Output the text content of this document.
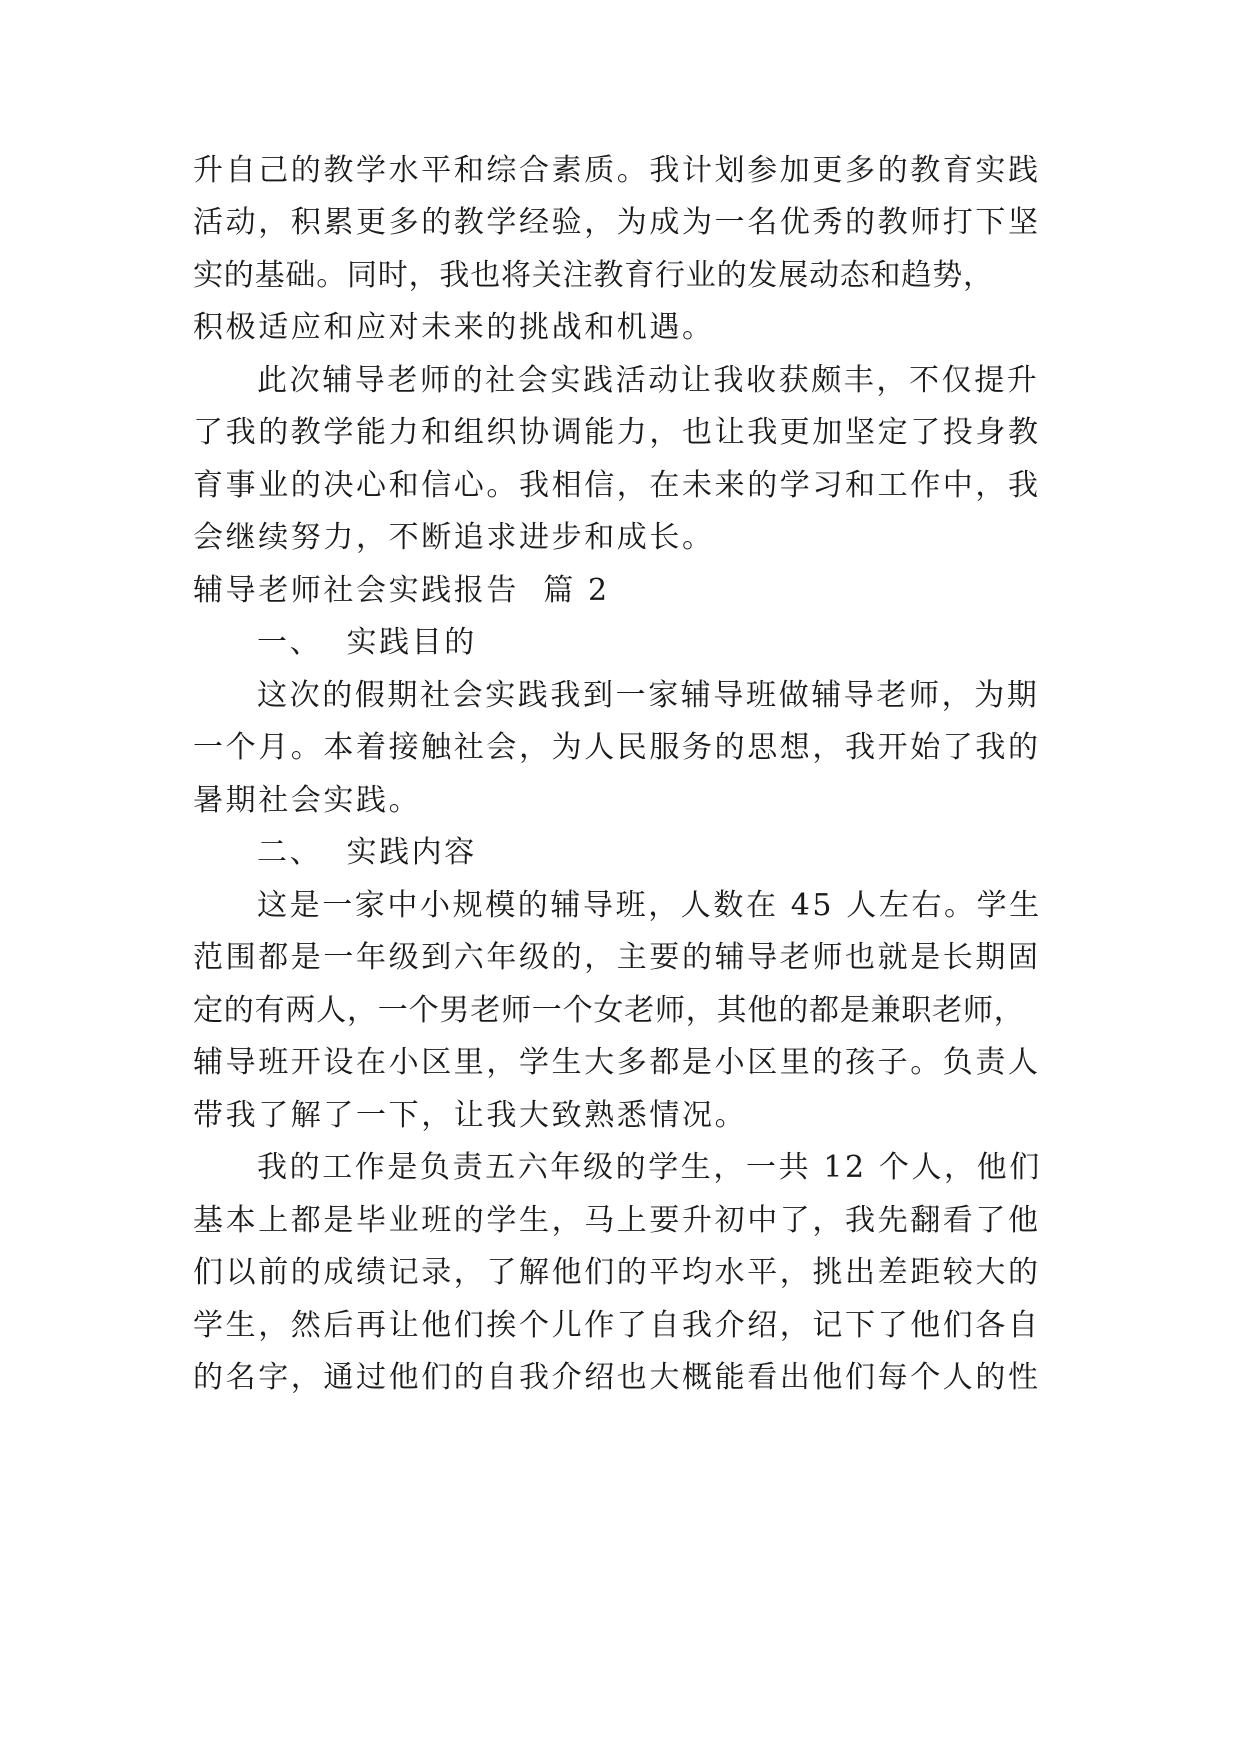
升自己的教学水平和综合素质。我计划参加更多的教育实践
活动，积累更多的教学经验，为成为一名优秀的教师打下坚
实的基础。同时，我也将关注教育行业的发展动态和趋势，
积极适应和应对未来的挑战和机遇。
此次辅导老师的社会实践活动让我收获颇丰，不仅提升
了我的教学能力和组织协调能力，也让我更加坚定了投身教
育事业的决心和信心。我相信，在未来的学习和工作中，我
会继续努力，不断追求进步和成长。
辅导老师社会实践报告  篇 2
一、  实践目的
这次的假期社会实践我到一家辅导班做辅导老师，为期
一个月。本着接触社会，为人民服务的思想，我开始了我的
暑期社会实践。
二、  实践内容
这是一家中小规模的辅导班，人数在 45 人左右。学生
范围都是一年级到六年级的，主要的辅导老师也就是长期固
定的有两人，一个男老师一个女老师，其他的都是兼职老师，
辅导班开设在小区里，学生大多都是小区里的孩子。负责人
带我了解了一下，让我大致熟悉情况。
我的工作是负责五六年级的学生，一共 12 个人，他们
基本上都是毕业班的学生，马上要升初中了，我先翻看了他
们以前的成绩记录，了解他们的平均水平，挑出差距较大的
学生，然后再让他们挨个儿作了自我介绍，记下了他们各自
的名字，通过他们的自我介绍也大概能看出他们每个人的性
